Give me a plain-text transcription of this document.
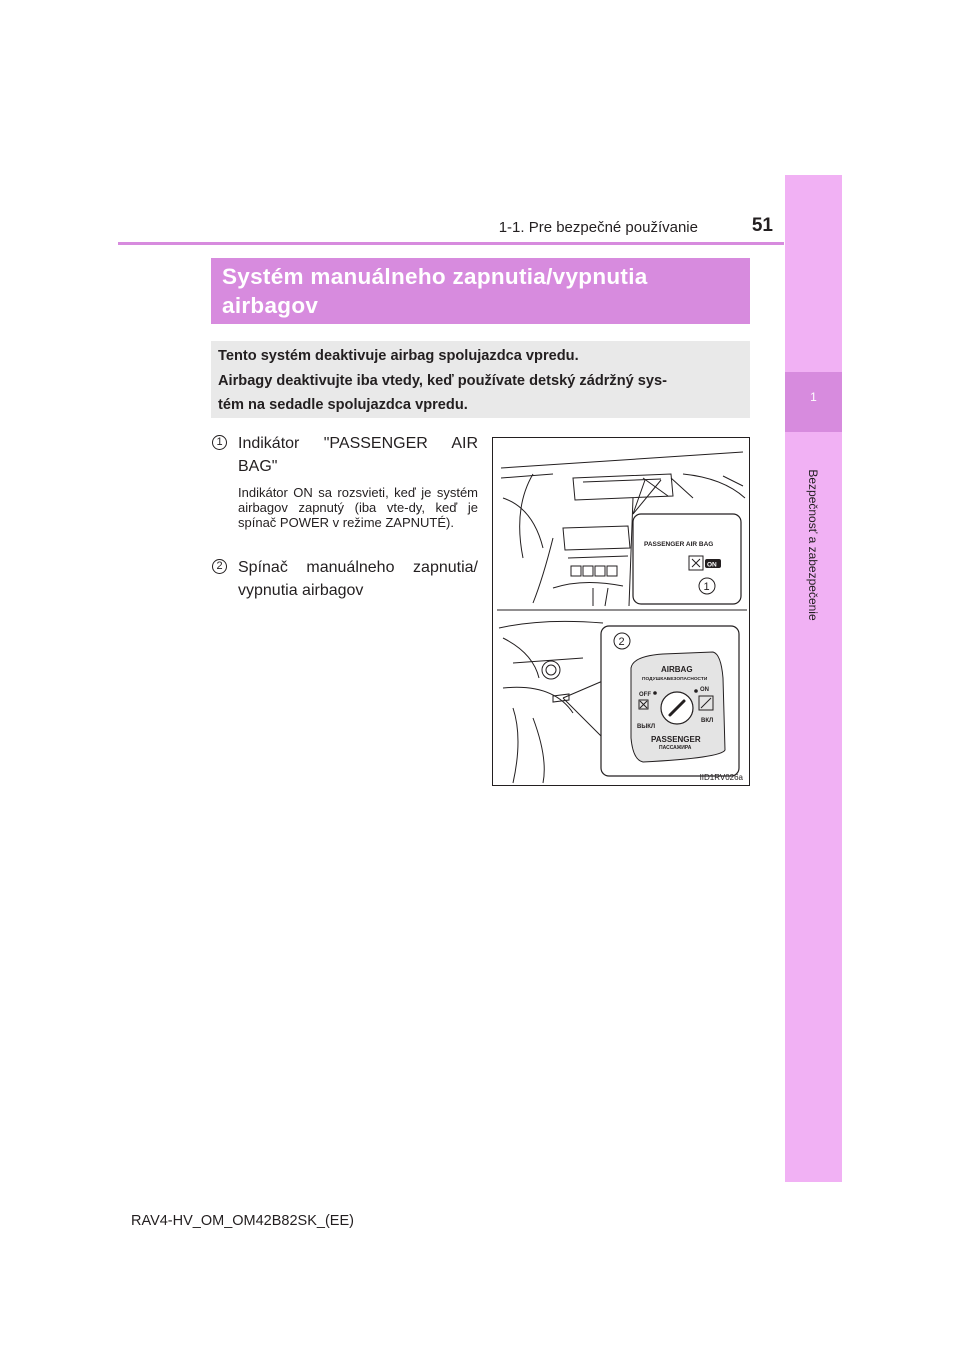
1
Bezpečnosť a zabezpečenie
1-1. Pre bezpečné používanie	51
Systém manuálneho zapnutia/vypnutia
airbagov

Tento systém deaktivuje airbag spolujazdca vpredu.

Airbagy deaktivujte iba vtedy, keď používate detský zádržný sys-

tém na sedadle spolujazdca vpredu.

1 Indikátor "PASSENGER AIR BAG"
Indikátor ON sa rozsvieti, keď je systém airbagov zapnutý (iba vte-dy, keď je spínač POWER v režime ZAPNUTÉ).
2 Spínač manuálneho zapnutia/ vypnutia airbagov
PASSENGER AIR BAG
ON
1
2
AIRBAG
ПОДУШКАБЕЗОПАСНОСТИ
OFF
ON
ВЫКЛ
ВКЛ
PASSENGER
ПАССАЖИРА
IID1RV026a
RAV4-HV_OM_OM42B82SK_(EE)
